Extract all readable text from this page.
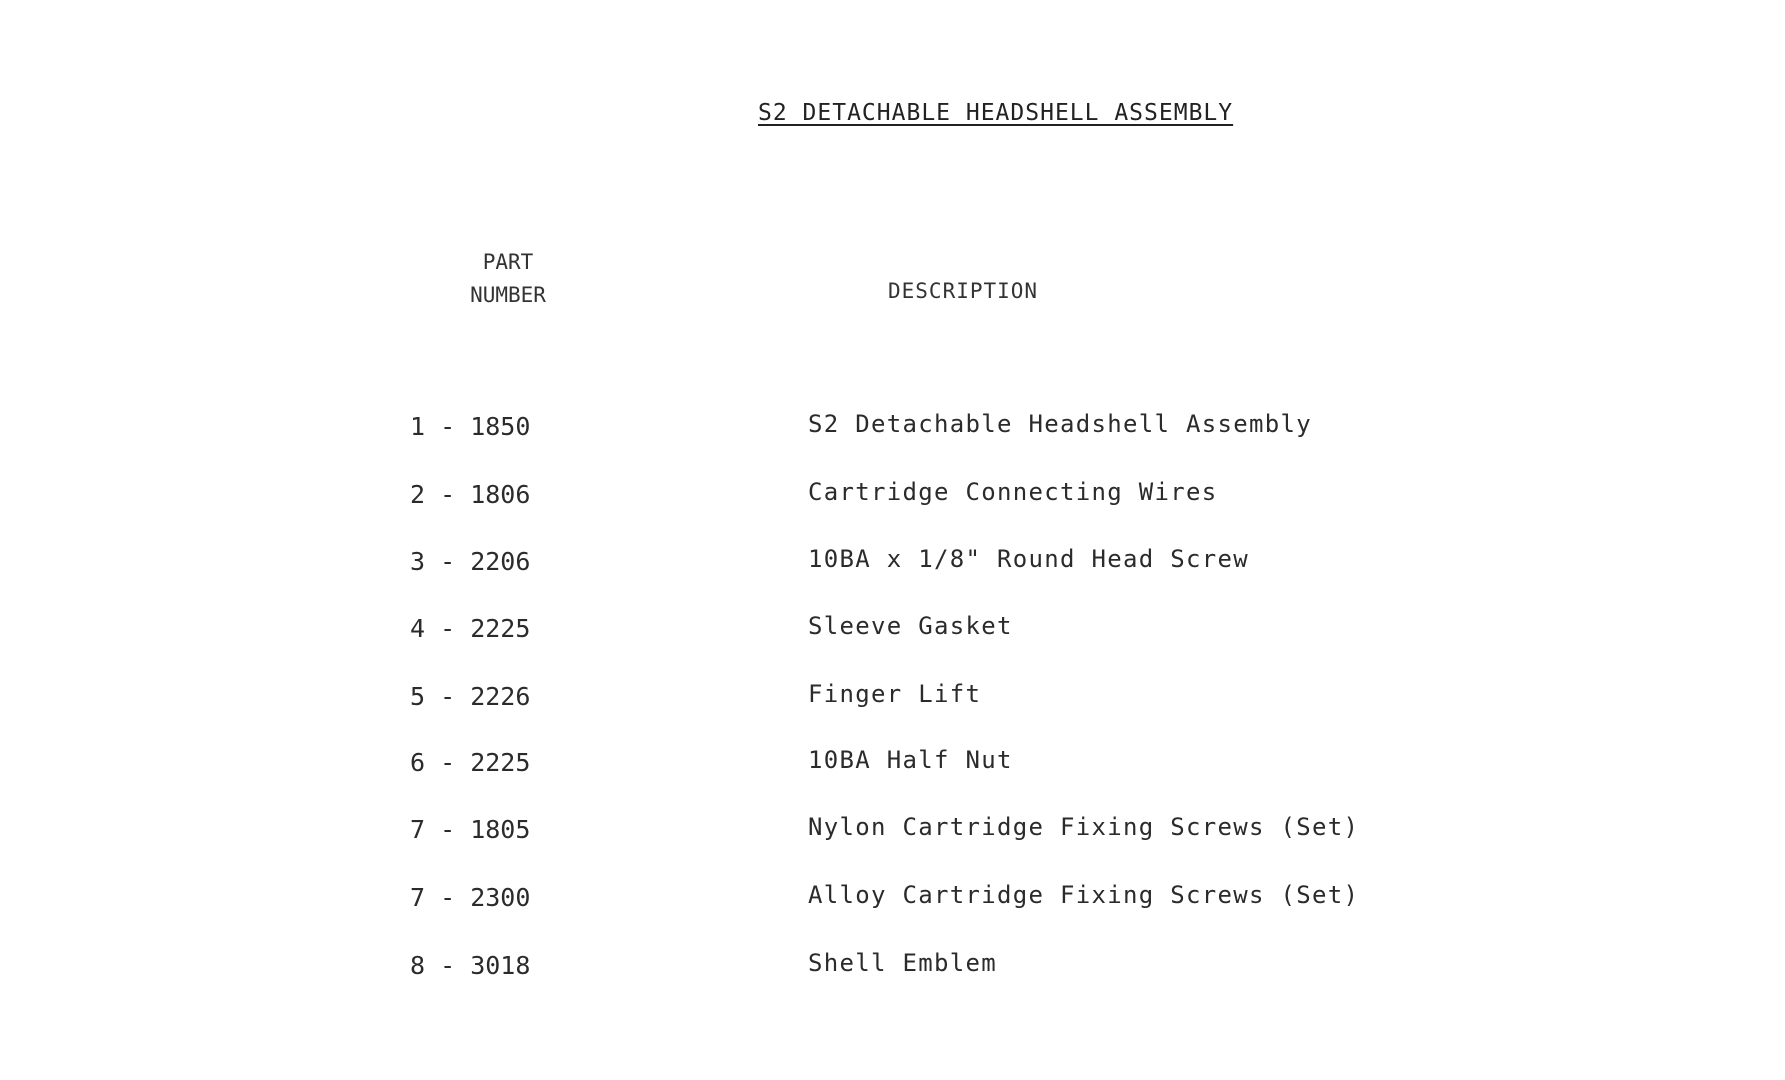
S2 DETACHABLE HEADSHELL ASSEMBLY
PART
NUMBER	DESCRIPTION
1 - 1850	S2 Detachable Headshell Assembly
2 - 1806	Cartridge Connecting Wires
3 - 2206	10BA x 1/8" Round Head Screw
4 - 2225	Sleeve Gasket
5 - 2226	Finger Lift
6 - 2225	10BA Half Nut
7 - 1805	Nylon Cartridge Fixing Screws (Set)
7 - 2300	Alloy Cartridge Fixing Screws (Set)
8 - 3018	Shell Emblem
